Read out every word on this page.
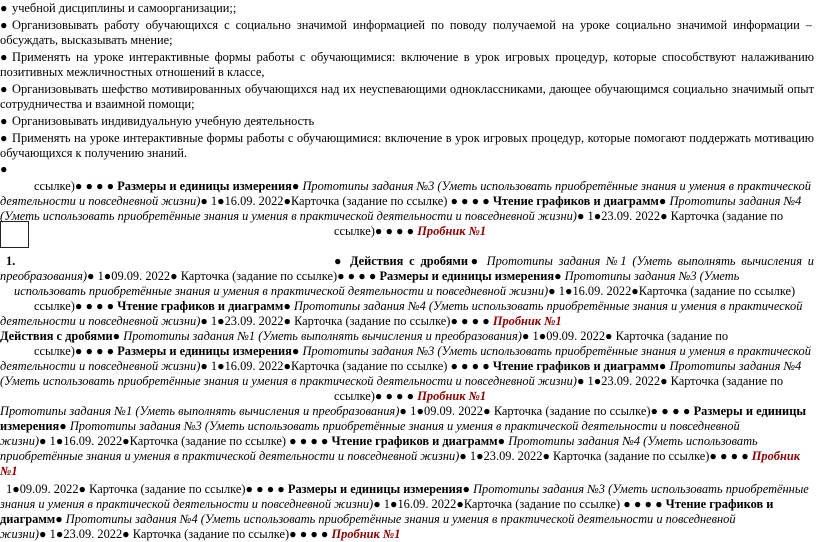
● учебной дисциплины и самоорганизации;;
● Организовывать работу обучающихся с социально значимой информацией по поводу получаемой на уроке социально значимой информации –
обсуждать, высказывать мнение;
● Применять на уроке интерактивные формы работы с обучающимися: включение в урок игровых процедур, которые способствуют налаживанию
позитивных межличностных отношений в классе,
● Организовывать шефство мотивированных обучающихся над их неуспевающими одноклассниками, дающее обучающимся социально значимый опыт
сотрудничества и взаимной помощи;
● Организовывать индивидуальную учебную деятельность
● Применять на уроке интерактивные формы работы с обучающимися: включение в урок игровых процедур, которые помогают поддержать мотивацию
обучающихся к получению знаний.
●
ссылке)● ● ● ● Размеры и единицы измерения● Прототипы задания №3 (Уметь использовать приобретённые знания и умения в практической
деятельности и повседневной жизни)● 1●16.09. 2022●Карточка (задание по ссылке) ● ● ● ● Чтение графиков и диаграмм● Прототипы задания №4
(Уметь использовать приобретённые знания и умения в практической деятельности и повседневной жизни)● 1●23.09. 2022● Карточка (задание по
ссылке)● ● ● ● Пробник №1
1.	● Действия с дробями● Прототипы задания №1 (Уметь выполнять вычисления и
преобразования)● 1●09.09. 2022● Карточка (задание по ссылке)● ● ● ● Размеры и единицы измерения● Прототипы задания №3 (Уметь
использовать приобретённые знания и умения в практической деятельности и повседневной жизни)● 1●16.09. 2022●Карточка (задание по ссылке)
ссылке)● ● ● ● Чтение графиков и диаграмм● Прототипы задания №4 (Уметь использовать приобретённые знания и умения в практической
деятельности и повседневной жизни)● 1●23.09. 2022● Карточка (задание по ссылке)● ● ● ● Пробник №1
Действия с дробями● Прототипы задания №1 (Уметь выполнять вычисления и преобразования)● 1●09.09. 2022● Карточка (задание по
ссылке)● ● ● ● Размеры и единицы измерения● Прототипы задания №3 (Уметь использовать приобретённые знания и умения в практической
деятельности и повседневной жизни)● 1●16.09. 2022●Карточка (задание по ссылке) ● ● ● ● Чтение графиков и диаграмм● Прототипы задания №4
(Уметь использовать приобретённые знания и умения в практической деятельности и повседневной жизни)● 1●23.09. 2022● Карточка (задание по
ссылке)● ● ● ● Пробник №1
Прототипы задания №1 (Уметь выполнять вычисления и преобразования)● 1●09.09. 2022● Карточка (задание по ссылке)● ● ● ● Размеры и единицы
измерения● Прототипы задания №3 (Уметь использовать приобретённые знания и умения в практической деятельности и повседневной
жизни)● 1●16.09. 2022●Карточка (задание по ссылке) ● ● ● ● Чтение графиков и диаграмм● Прототипы задания №4 (Уметь использовать
приобретённые знания и умения в практической деятельности и повседневной жизни)● 1●23.09. 2022● Карточка (задание по ссылке)● ● ● ● Пробник
№1
1●09.09. 2022● Карточка (задание по ссылке)● ● ● ● Размеры и единицы измерения● Прототипы задания №3 (Уметь использовать приобретённые
знания и умения в практической деятельности и повседневной жизни)● 1●16.09. 2022●Карточка (задание по ссылке) ● ● ● ● Чтение графиков и
диаграмм● Прототипы задания №4 (Уметь использовать приобретённые знания и умения в практической деятельности и повседневной
жизни)● 1●23.09. 2022● Карточка (задание по ссылке)● ● ● ● Пробник №1
